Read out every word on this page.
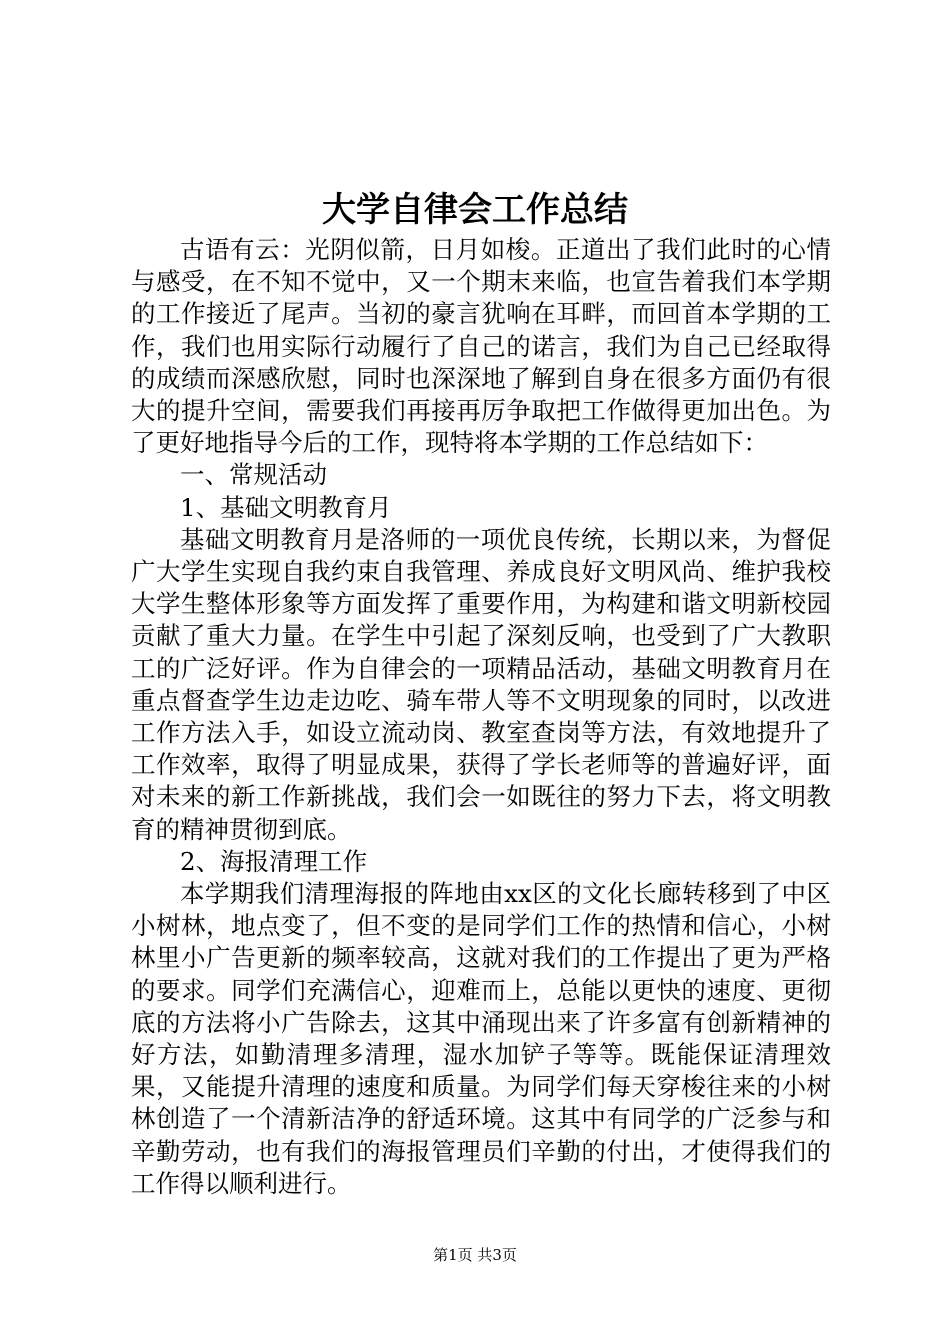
大学自律会工作总结

古语有云：光阴似箭，日月如梭。正道出了我们此时的心情与感受，在不知不觉中，又一个期末来临，也宣告着我们本学期的工作接近了尾声。当初的豪言犹响在耳畔，而回首本学期的工作，我们也用实际行动履行了自己的诺言，我们为自己已经取得的成绩而深感欣慰，同时也深深地了解到自身在很多方面仍有很大的提升空间，需要我们再接再厉争取把工作做得更加出色。为了更好地指导今后的工作，现特将本学期的工作总结如下：

一、常规活动

1、基础文明教育月

基础文明教育月是洛师的一项优良传统，长期以来，为督促广大学生实现自我约束自我管理、养成良好文明风尚、维护我校大学生整体形象等方面发挥了重要作用，为构建和谐文明新校园贡献了重大力量。在学生中引起了深刻反响，也受到了广大教职工的广泛好评。作为自律会的一项精品活动，基础文明教育月在重点督查学生边走边吃、骑车带人等不文明现象的同时，以改进工作方法入手，如设立流动岗、教室查岗等方法，有效地提升了工作效率，取得了明显成果，获得了学长老师等的普遍好评，面对未来的新工作新挑战，我们会一如既往的努力下去，将文明教育的精神贯彻到底。

2、海报清理工作

本学期我们清理海报的阵地由xx区的文化长廊转移到了中区小树林，地点变了，但不变的是同学们工作的热情和信心，小树林里小广告更新的频率较高，这就对我们的工作提出了更为严格的要求。同学们充满信心，迎难而上，总能以更快的速度、更彻底的方法将小广告除去，这其中涌现出来了许多富有创新精神的好方法，如勤清理多清理，湿水加铲子等等。既能保证清理效果，又能提升清理的速度和质量。为同学们每天穿梭往来的小树林创造了一个清新洁净的舒适环境。这其中有同学的广泛参与和辛勤劳动，也有我们的海报管理员们辛勤的付出，才使得我们的工作得以顺利进行。

第1页 共3页
